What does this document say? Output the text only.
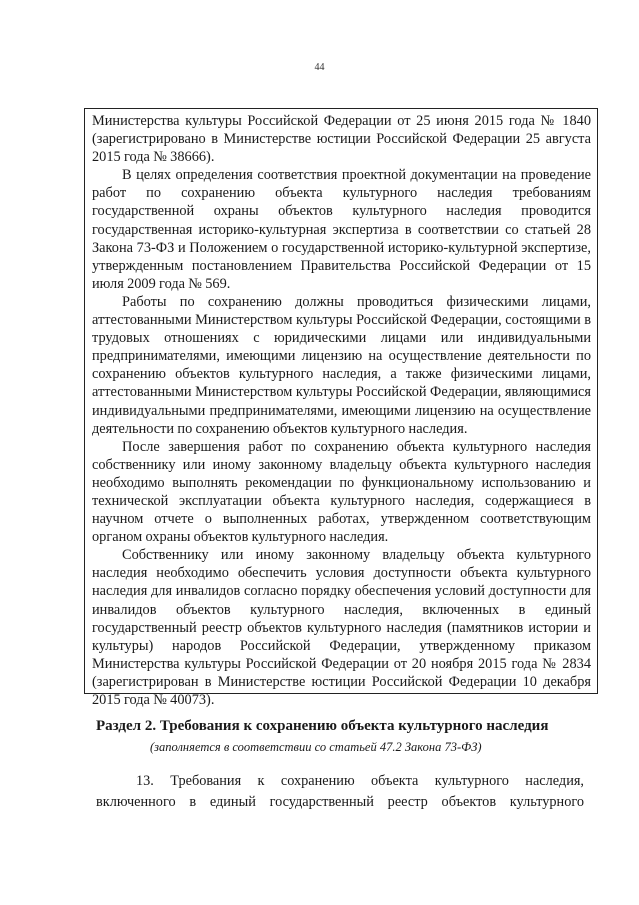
44

Министерства культуры Российской Федерации от 25 июня 2015 года № 1840 (зарегистрировано в Министерстве юстиции Российской Федерации 25 августа 2015 года № 38666).

В целях определения соответствия проектной документации на проведение работ по сохранению объекта культурного наследия требованиям государственной охраны объектов культурного наследия проводится государственная историко-культурная экспертиза в соответствии со статьей 28 Закона 73-ФЗ и Положением о государственной историко-культурной экспертизе, утвержденным постановлением Правительства Российской Федерации от 15 июля 2009 года № 569.

Работы по сохранению должны проводиться физическими лицами, аттестованными Министерством культуры Российской Федерации, состоящими в трудовых отношениях с юридическими лицами или индивидуальными предпринимателями, имеющими лицензию на осуществление деятельности по сохранению объектов культурного наследия, а также физическими лицами, аттестованными Министерством культуры Российской Федерации, являющимися индивидуальными предпринимателями, имеющими лицензию на осуществление деятельности по сохранению объектов культурного наследия.

После завершения работ по сохранению объекта культурного наследия собственнику или иному законному владельцу объекта культурного наследия необходимо выполнять рекомендации по функциональному использованию и технической эксплуатации объекта культурного наследия, содержащиеся в научном отчете о выполненных работах, утвержденном соответствующим органом охраны объектов культурного наследия.

Собственнику или иному законному владельцу объекта культурного наследия необходимо обеспечить условия доступности объекта культурного наследия для инвалидов согласно порядку обеспечения условий доступности для инвалидов объектов культурного наследия, включенных в единый государственный реестр объектов культурного наследия (памятников истории и культуры) народов Российской Федерации, утвержденному приказом Министерства культуры Российской Федерации от 20 ноября 2015 года № 2834 (зарегистрирован в Министерстве юстиции Российской Федерации 10 декабря 2015 года № 40073).

Раздел 2. Требования к сохранению объекта культурного наследия

(заполняется в соответствии со статьей 47.2 Закона 73-ФЗ)

13. Требования к сохранению объекта культурного наследия, включенного в единый государственный реестр объектов культурного
